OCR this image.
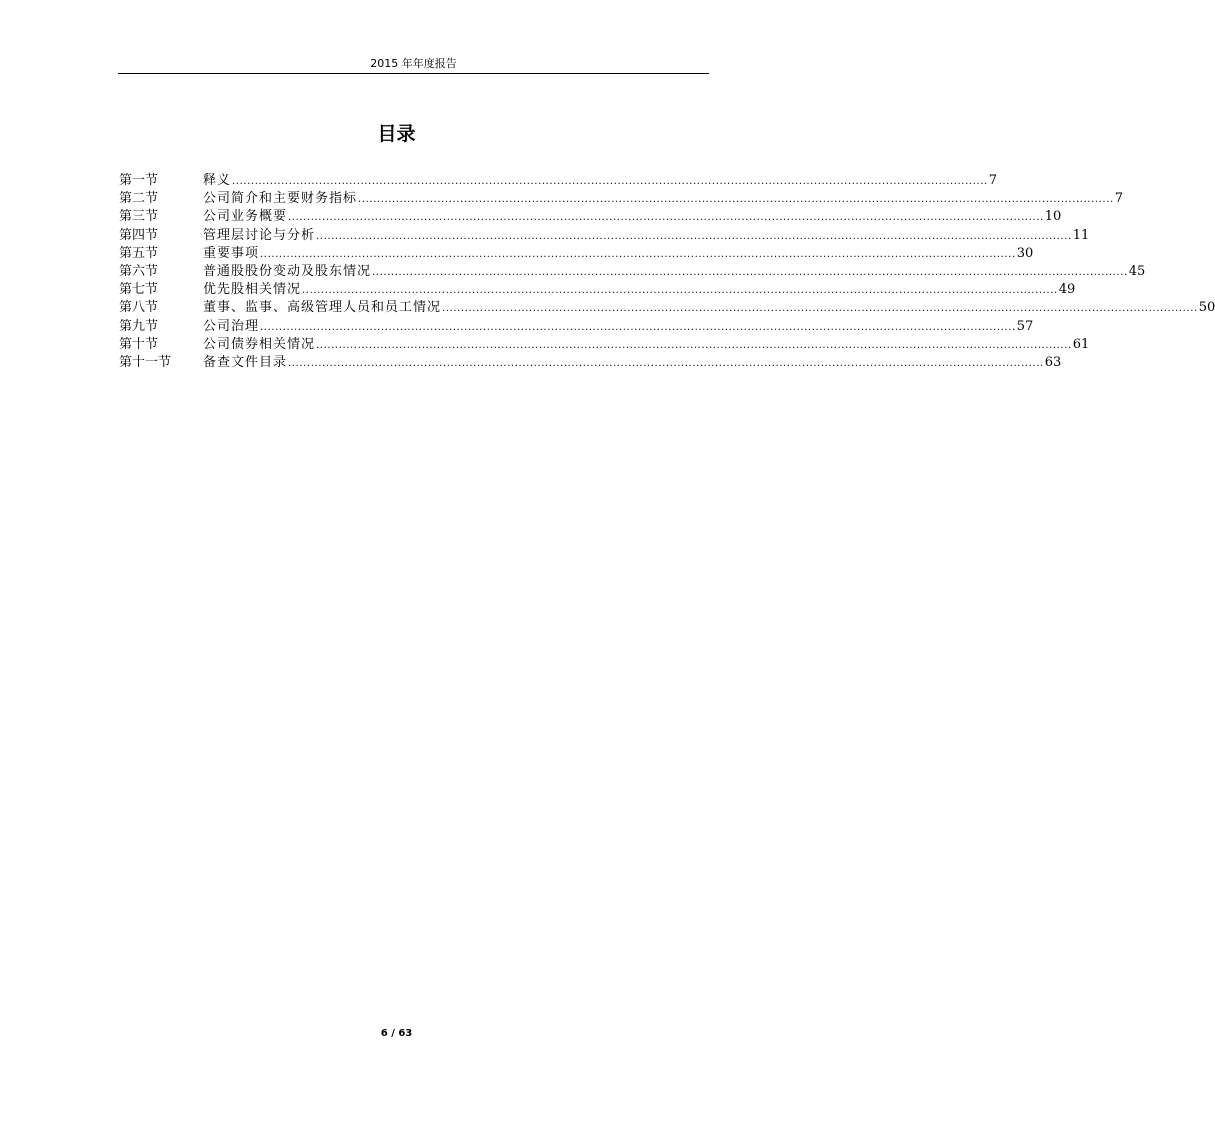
2015 年年度报告
目录
第一节	释义 ........................................................................................................................................................................................................ 7
第二节	公司简介和主要财务指标 ........................................................................................................................................................................................................ 7
第三节	公司业务概要 ........................................................................................................................................................................................................ 10
第四节	管理层讨论与分析 ........................................................................................................................................................................................................ 11
第五节	重要事项 ........................................................................................................................................................................................................ 30
第六节	普通股股份变动及股东情况 ........................................................................................................................................................................................................ 45
第七节	优先股相关情况 ........................................................................................................................................................................................................ 49
第八节	董事、监事、高级管理人员和员工情况 ........................................................................................................................................................................................................ 50
第九节	公司治理 ........................................................................................................................................................................................................ 57
第十节	公司债券相关情况 ........................................................................................................................................................................................................ 61
第十一节	备查文件目录 ........................................................................................................................................................................................................ 63
6 / 63
